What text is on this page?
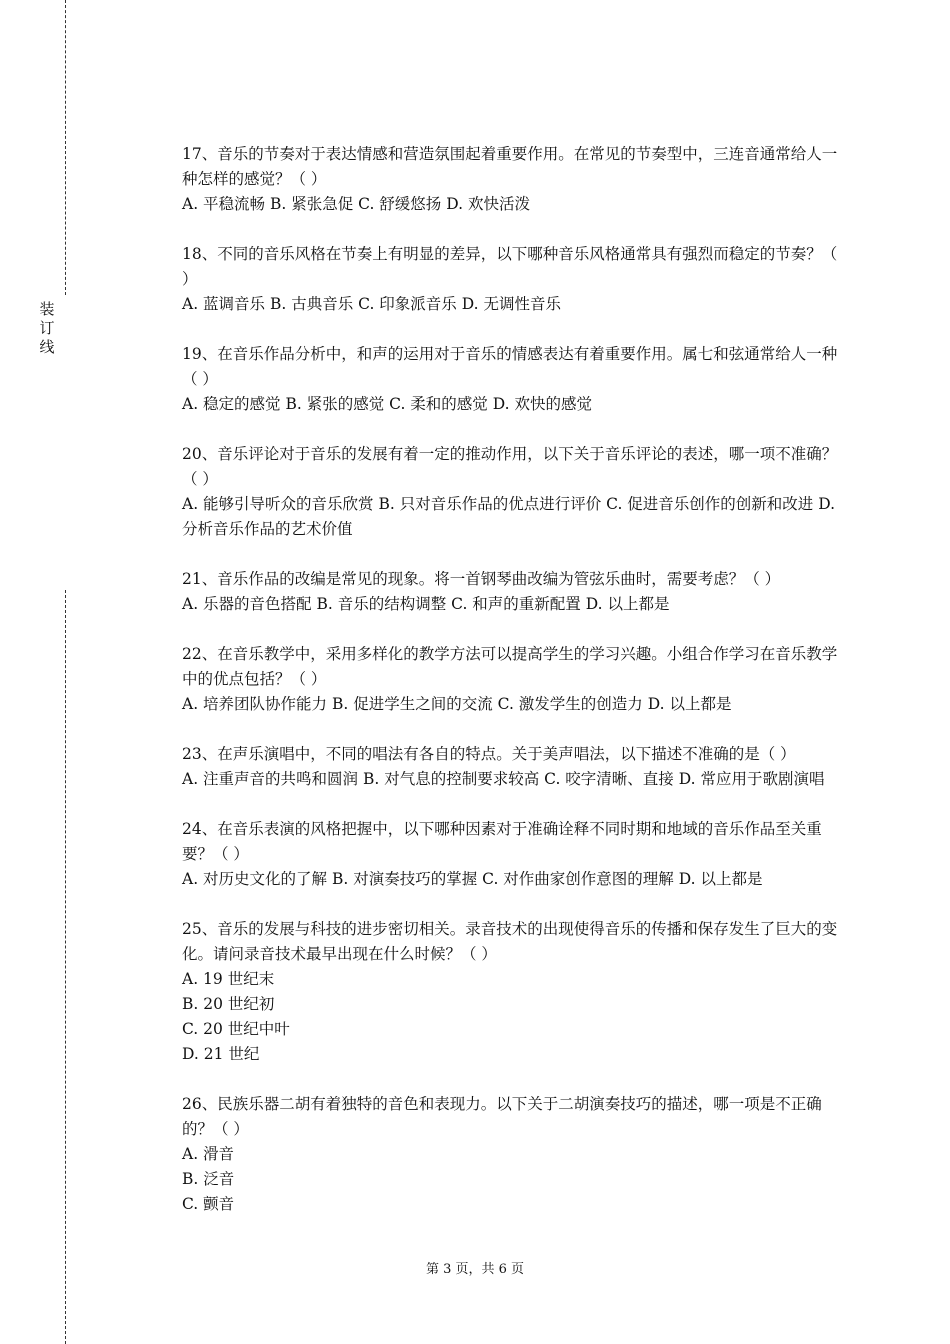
装订线

17、音乐的节奏对于表达情感和营造氛围起着重要作用。在常见的节奏型中，三连音通常给人一种怎样的感觉？（ ）

A. 平稳流畅 B. 紧张急促 C. 舒缓悠扬 D. 欢快活泼

18、不同的音乐风格在节奏上有明显的差异，以下哪种音乐风格通常具有强烈而稳定的节奏？（ ）

A. 蓝调音乐 B. 古典音乐 C. 印象派音乐 D. 无调性音乐

19、在音乐作品分析中，和声的运用对于音乐的情感表达有着重要作用。属七和弦通常给人一种（ ）

A. 稳定的感觉 B. 紧张的感觉 C. 柔和的感觉 D. 欢快的感觉

20、音乐评论对于音乐的发展有着一定的推动作用，以下关于音乐评论的表述，哪一项不准确？（ ）

A. 能够引导听众的音乐欣赏 B. 只对音乐作品的优点进行评价 C. 促进音乐创作的创新和改进 D. 分析音乐作品的艺术价值

21、音乐作品的改编是常见的现象。将一首钢琴曲改编为管弦乐曲时，需要考虑？（ ）

A. 乐器的音色搭配 B. 音乐的结构调整 C. 和声的重新配置 D. 以上都是

22、在音乐教学中，采用多样化的教学方法可以提高学生的学习兴趣。小组合作学习在音乐教学中的优点包括？（ ）

A. 培养团队协作能力 B. 促进学生之间的交流 C. 激发学生的创造力 D. 以上都是

23、在声乐演唱中，不同的唱法有各自的特点。关于美声唱法，以下描述不准确的是（ ）

A. 注重声音的共鸣和圆润 B. 对气息的控制要求较高 C. 咬字清晰、直接 D. 常应用于歌剧演唱

24、在音乐表演的风格把握中，以下哪种因素对于准确诠释不同时期和地域的音乐作品至关重要？（ ）

A. 对历史文化的了解 B. 对演奏技巧的掌握 C. 对作曲家创作意图的理解 D. 以上都是

25、音乐的发展与科技的进步密切相关。录音技术的出现使得音乐的传播和保存发生了巨大的变化。请问录音技术最早出现在什么时候？（ ）

A. 19 世纪末

B. 20 世纪初

C. 20 世纪中叶

D. 21 世纪

26、民族乐器二胡有着独特的音色和表现力。以下关于二胡演奏技巧的描述，哪一项是不正确的？（ ）

A. 滑音

B. 泛音

C. 颤音

第 3 页，共 6 页
